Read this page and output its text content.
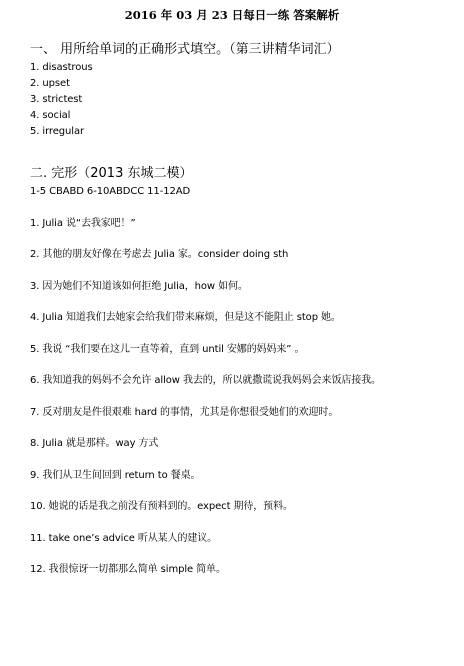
2016 年 03 月 23 日每日一练 答案解析
一、 用所给单词的正确形式填空。（第三讲精华词汇）
1. disastrous
2. upset
3. strictest
4. social
5. irregular
二. 完形（2013 东城二模）
1-5 CBABD 6-10ABDCC 11-12AD
1. Julia 说“去我家吧！”
2. 其他的朋友好像在考虑去 Julia 家。consider doing sth
3. 因为她们不知道该如何拒绝 Julia，how 如何。
4. Julia 知道我们去她家会给我们带来麻烦，但是这不能阻止 stop 她。
5. 我说 “我们要在这儿一直等着，直到 until 安娜的妈妈来” 。
6. 我知道我的妈妈不会允许 allow 我去的，所以就撒谎说我妈妈会来饭店接我。
7. 反对朋友是件很艰难 hard 的事情，尤其是你想很受她们的欢迎时。
8. Julia 就是那样。way 方式
9. 我们从卫生间回到 return to 餐桌。
10. 她说的话是我之前没有预料到的。expect 期待，预料。
11. take one’s advice 听从某人的建议。
12. 我很惊讶一切都那么简单 simple 简单。
